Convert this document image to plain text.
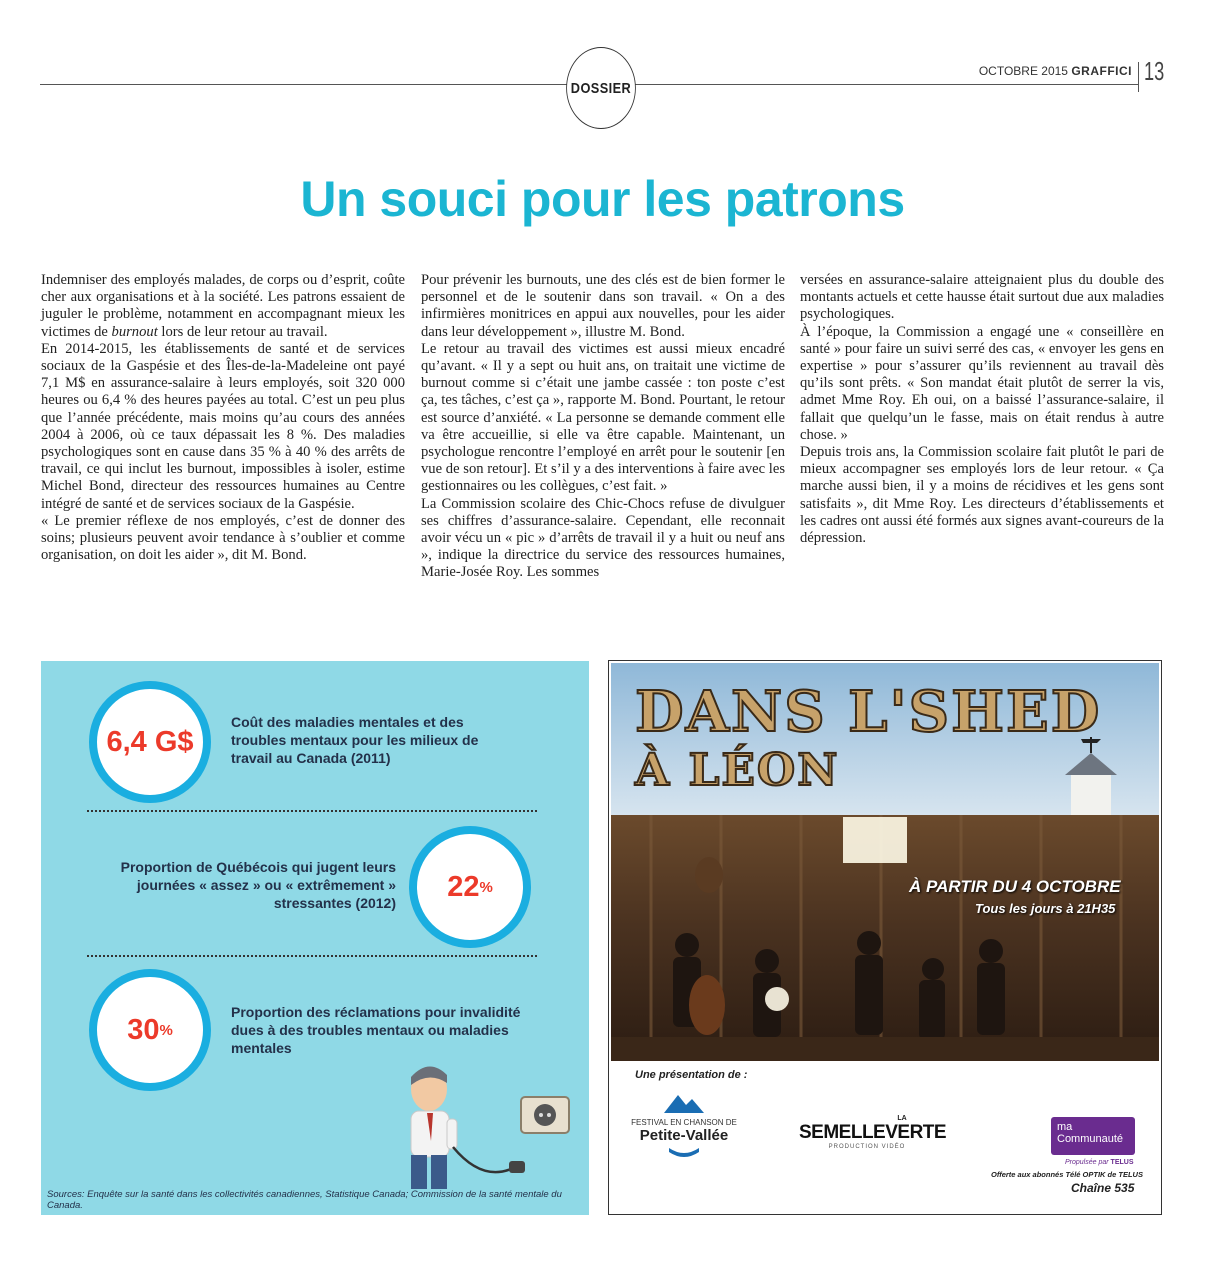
DOSSIER
OCTOBRE 2015 GRAFFICI 13
Un souci pour les patrons

Indemniser des employés malades, de corps ou d’esprit, coûte cher aux organisations et à la société. Les patrons essaient de juguler le problème, notamment en accompagnant mieux les victimes de burnout lors de leur retour au travail.

En 2014-2015, les établissements de santé et de services sociaux de la Gaspésie et des Îles-de-la-Madeleine ont payé 7,1 M$ en assurance-salaire à leurs employés, soit 320 000 heures ou 6,4 % des heures payées au total. C’est un peu plus que l’année précédente, mais moins qu’au cours des années 2004 à 2006, où ce taux dépassait les 8 %. Des maladies psychologiques sont en cause dans 35 % à 40 % des arrêts de travail, ce qui inclut les burnout, impossibles à isoler, estime Michel Bond, directeur des ressources humaines au Centre intégré de santé et de services sociaux de la Gaspésie.

« Le premier réflexe de nos employés, c’est de donner des soins; plusieurs peuvent avoir tendance à s’oublier et comme organisation, on doit les aider », dit M. Bond.

Pour prévenir les burnouts, une des clés est de bien former le personnel et de le soutenir dans son travail. « On a des infirmières monitrices en appui aux nouvelles, pour les aider dans leur développement », illustre M. Bond.

Le retour au travail des victimes est aussi mieux encadré qu’avant. « Il y a sept ou huit ans, on traitait une victime de burnout comme si c’était une jambe cassée : ton poste c’est ça, tes tâches, c’est ça », rapporte M. Bond. Pourtant, le retour est source d’anxiété. « La personne se demande comment elle va être accueillie, si elle va être capable. Maintenant, un psychologue rencontre l’employé en arrêt pour le soutenir [en vue de son retour]. Et s’il y a des interventions à faire avec les gestionnaires ou les collègues, c’est fait. »

La Commission scolaire des Chic-Chocs refuse de divulguer ses chiffres d’assurance-salaire. Cependant, elle reconnait avoir vécu un « pic » d’arrêts de travail il y a huit ou neuf ans », indique la directrice du service des ressources humaines, Marie-Josée Roy. Les sommes

versées en assurance-salaire atteignaient plus du double des montants actuels et cette hausse était surtout due aux maladies psychologiques.

À l’époque, la Commission a engagé une « conseillère en santé » pour faire un suivi serré des cas, « envoyer les gens en expertise » pour s’assurer qu’ils reviennent au travail dès qu’ils sont prêts. « Son mandat était plutôt de serrer la vis, admet Mme Roy. Eh oui, on a baissé l’assurance-salaire, il fallait que quelqu’un le fasse, mais on était rendus à autre chose. »

Depuis trois ans, la Commission scolaire fait plutôt le pari de mieux accompagner ses employés lors de leur retour. « Ça marche aussi bien, il y a moins de récidives et les gens sont satisfaits », dit Mme Roy. Les directeurs d’établissements et les cadres ont aussi été formés aux signes avant-coureurs de la dépression.

6,4 G$
Coût des maladies mentales et des troubles mentaux pour les milieux de travail au Canada (2011)
Proportion de Québécois qui jugent leurs journées « assez » ou « extrêmement » stressantes (2012)
22 %
30 %
Proportion des réclamations pour invalidité dues à des troubles mentaux ou maladies mentales
Sources: Enquête sur la santé dans les collectivités canadiennes, Statistique Canada; Commission de la santé mentale du Canada.
DANS L'SHED
À LÉON
À PARTIR DU 4 OCTOBRE
Tous les jours à 21H35
Une présentation de :
FESTIVAL EN CHANSON DE
Petite-Vallée
LA
SEMELLEVERTE
PRODUCTION VIDÉO
ma
Communauté
Propulsée par TELUS
Offerte aux abonnés Télé OPTIK de TELUS
Chaîne 535
